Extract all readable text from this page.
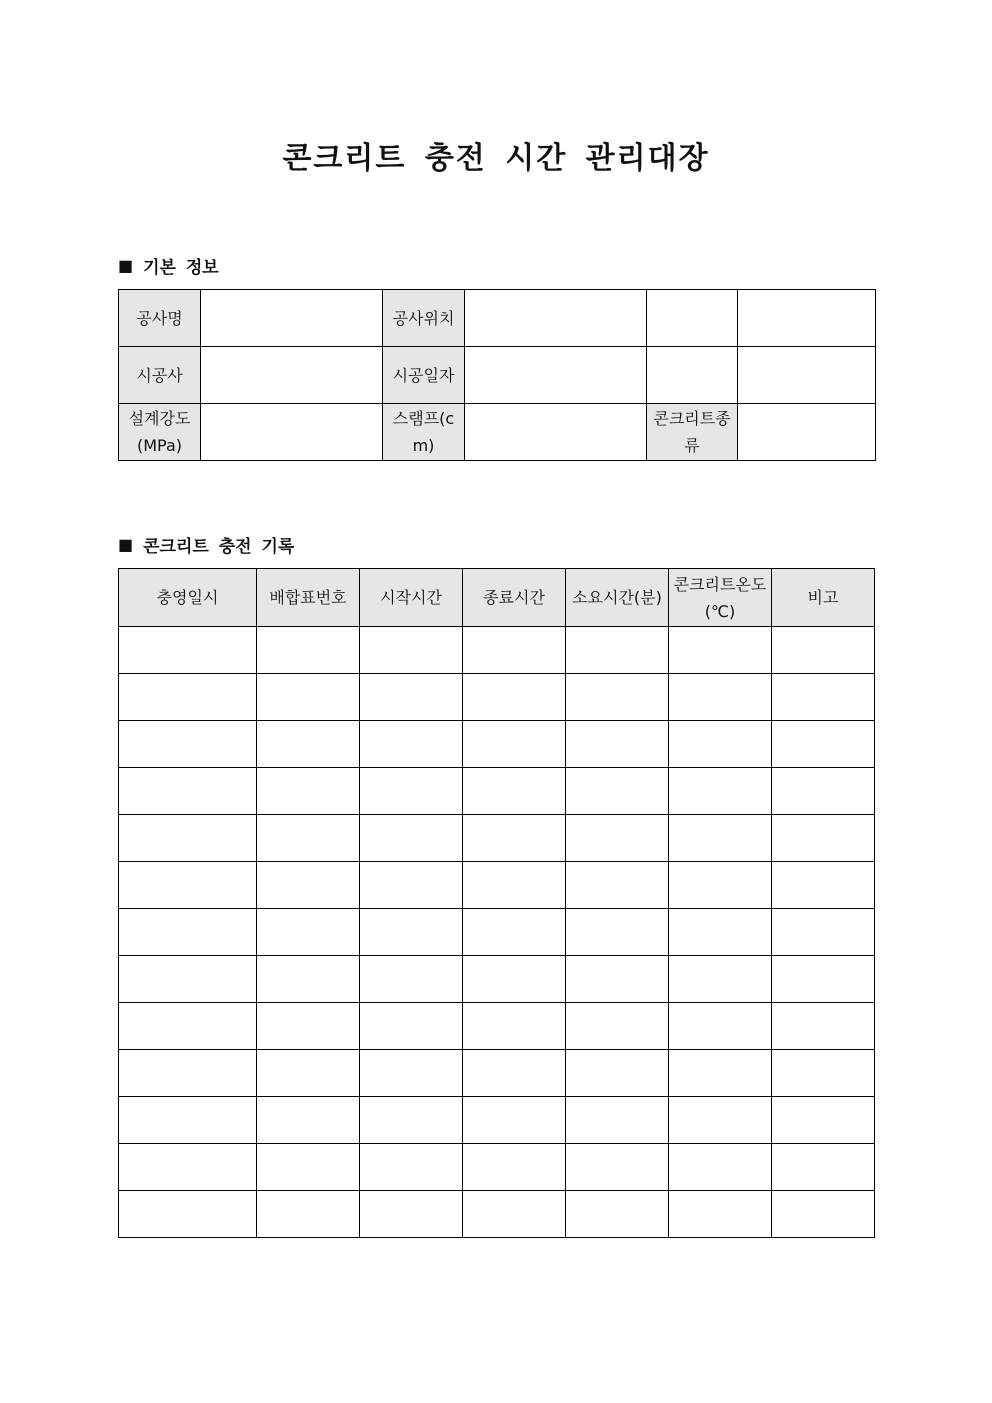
콘크리트 충전 시간 관리대장
■ 기본 정보
공사명		공사위치			
시공사		시공일자			
설계강도(MPa)		스램프(cm)		콘크리트종류	
■ 콘크리트 충전 기록
충영일시	배합표번호	시작시간	종료시간	소요시간(분)	콘크리트온도(℃)	비고
